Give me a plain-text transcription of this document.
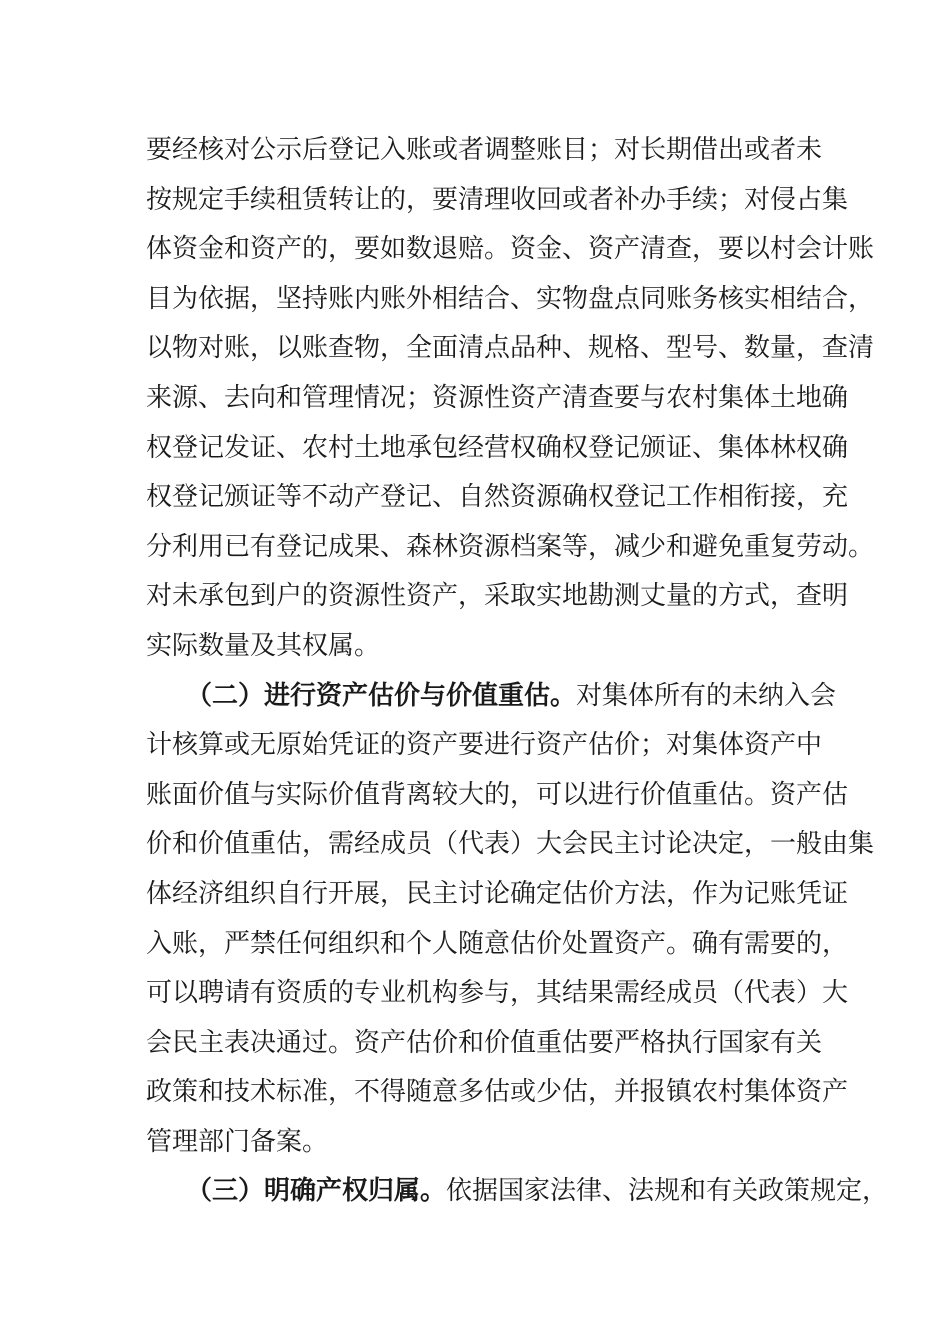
要经核对公示后登记入账或者调整账目；对长期借出或者未
按规定手续租赁转让的，要清理收回或者补办手续；对侵占集
体资金和资产的，要如数退赔。资金、资产清查，要以村会计账
目为依据，坚持账内账外相结合、实物盘点同账务核实相结合，
以物对账，以账查物，全面清点品种、规格、型号、数量，查清
来源、去向和管理情况；资源性资产清查要与农村集体土地确
权登记发证、农村土地承包经营权确权登记颁证、集体林权确
权登记颁证等不动产登记、自然资源确权登记工作相衔接，充
分利用已有登记成果、森林资源档案等，减少和避免重复劳动。
对未承包到户的资源性资产，采取实地勘测丈量的方式，查明
实际数量及其权属。
（二）进行资产估价与价值重估。对集体所有的未纳入会
计核算或无原始凭证的资产要进行资产估价；对集体资产中
账面价值与实际价值背离较大的，可以进行价值重估。资产估
价和价值重估，需经成员（代表）大会民主讨论决定，一般由集
体经济组织自行开展，民主讨论确定估价方法，作为记账凭证
入账，严禁任何组织和个人随意估价处置资产。确有需要的，
可以聘请有资质的专业机构参与，其结果需经成员（代表）大
会民主表决通过。资产估价和价值重估要严格执行国家有关
政策和技术标准，不得随意多估或少估，并报镇农村集体资产
管理部门备案。
（三）明确产权归属。依据国家法律、法规和有关政策规定，
